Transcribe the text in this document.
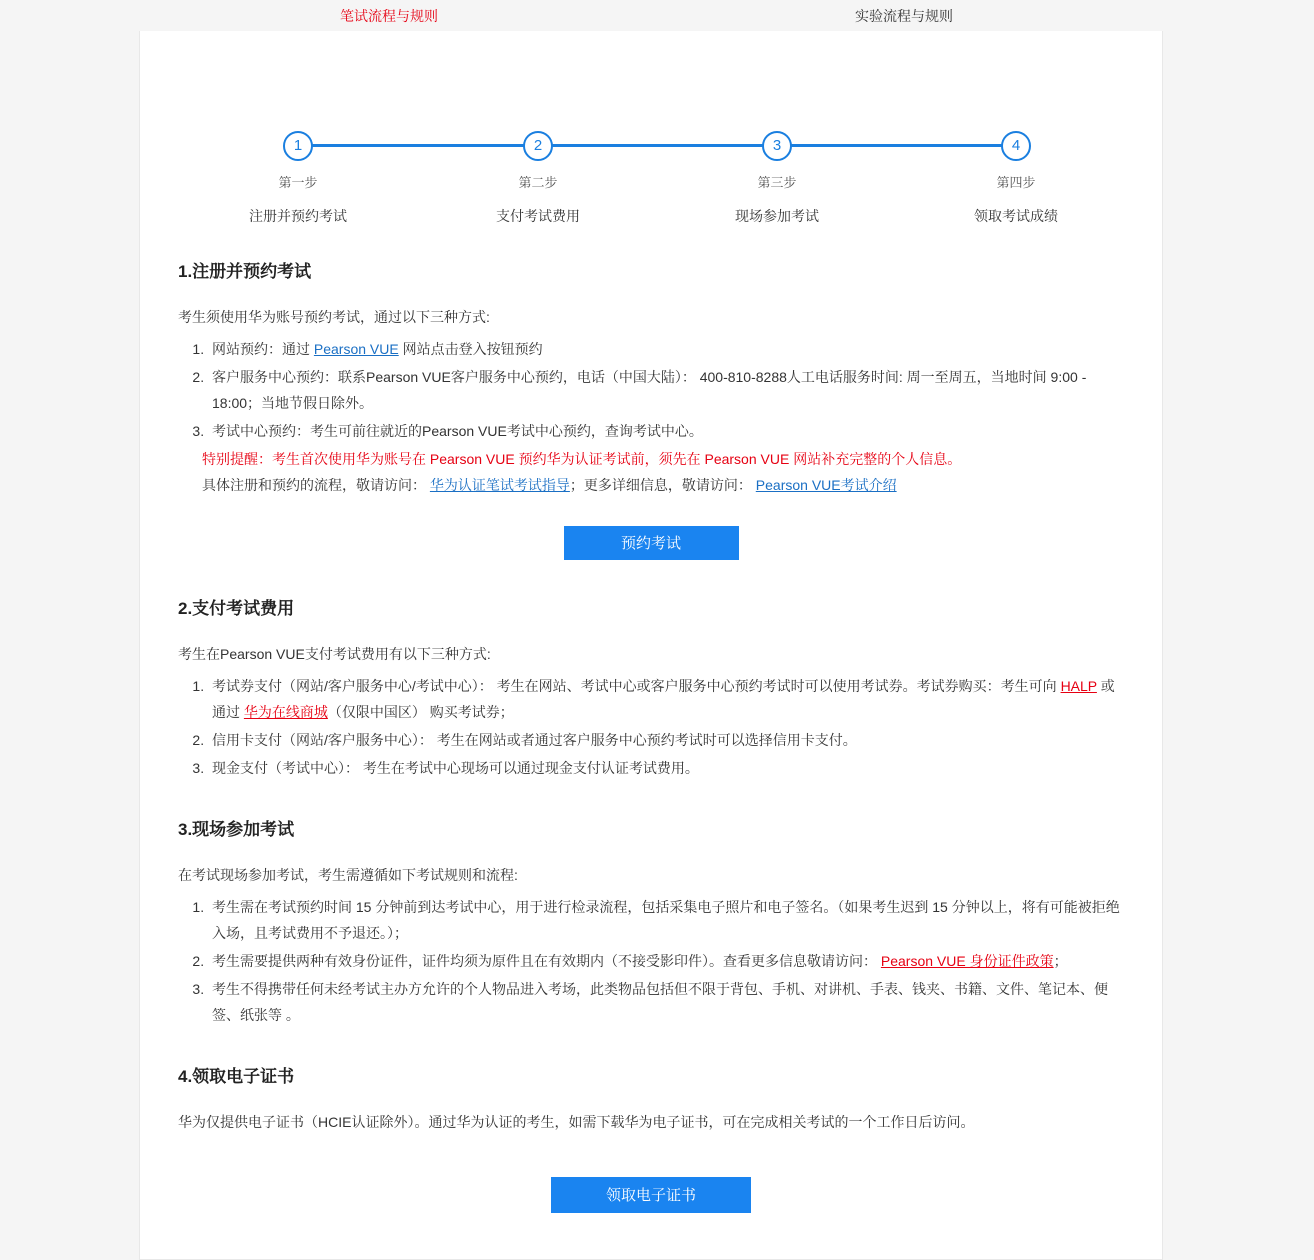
笔试流程与规则	实验流程与规则
1
第一步
注册并预约考试
2
第二步
支付考试费用
3
第三步
现场参加考试
4
第四步
领取考试成绩
1.注册并预约考试

考生须使用华为账号预约考试，通过以下三种方式:

1. 网站预约：通过 Pearson VUE 网站点击登入按钮预约
2. 客户服务中心预约：联系Pearson VUE客户服务中心预约，电话（中国大陆）： 400-810-8288人工电话服务时间: 周一至周五，当地时间 9:00 - 18:00；当地节假日除外。
3. 考试中心预约：考生可前往就近的Pearson VUE考试中心预约，查询考试中心。
特别提醒：考生首次使用华为账号在 Pearson VUE 预约华为认证考试前，须先在 Pearson VUE 网站补充完整的个人信息。
具体注册和预约的流程，敬请访问： 华为认证笔试考试指导；更多详细信息，敬请访问： Pearson VUE考试介绍
预约考试
2.支付考试费用

考生在Pearson VUE支付考试费用有以下三种方式:

1. 考试券支付（网站/客户服务中心/考试中心）： 考生在网站、考试中心或客户服务中心预约考试时可以使用考试券。考试券购买：考生可向 HALP 或通过 华为在线商城（仅限中国区） 购买考试券；
2. 信用卡支付（网站/客户服务中心）： 考生在网站或者通过客户服务中心预约考试时可以选择信用卡支付。
3. 现金支付（考试中心）： 考生在考试中心现场可以通过现金支付认证考试费用。
3.现场参加考试

在考试现场参加考试，考生需遵循如下考试规则和流程:

1. 考生需在考试预约时间 15 分钟前到达考试中心，用于进行检录流程，包括采集电子照片和电子签名。（如果考生迟到 15 分钟以上，将有可能被拒绝入场，且考试费用不予退还。）；
2. 考生需要提供两种有效身份证件，证件均须为原件且在有效期内（不接受影印件）。查看更多信息敬请访问： Pearson VUE 身份证件政策；
3. 考生不得携带任何未经考试主办方允许的个人物品进入考场，此类物品包括但不限于背包、手机、对讲机、手表、钱夹、书籍、文件、笔记本、便签、纸张等 。
4.领取电子证书

华为仅提供电子证书（HCIE认证除外）。通过华为认证的考生，如需下载华为电子证书，可在完成相关考试的一个工作日后访问。

领取电子证书
